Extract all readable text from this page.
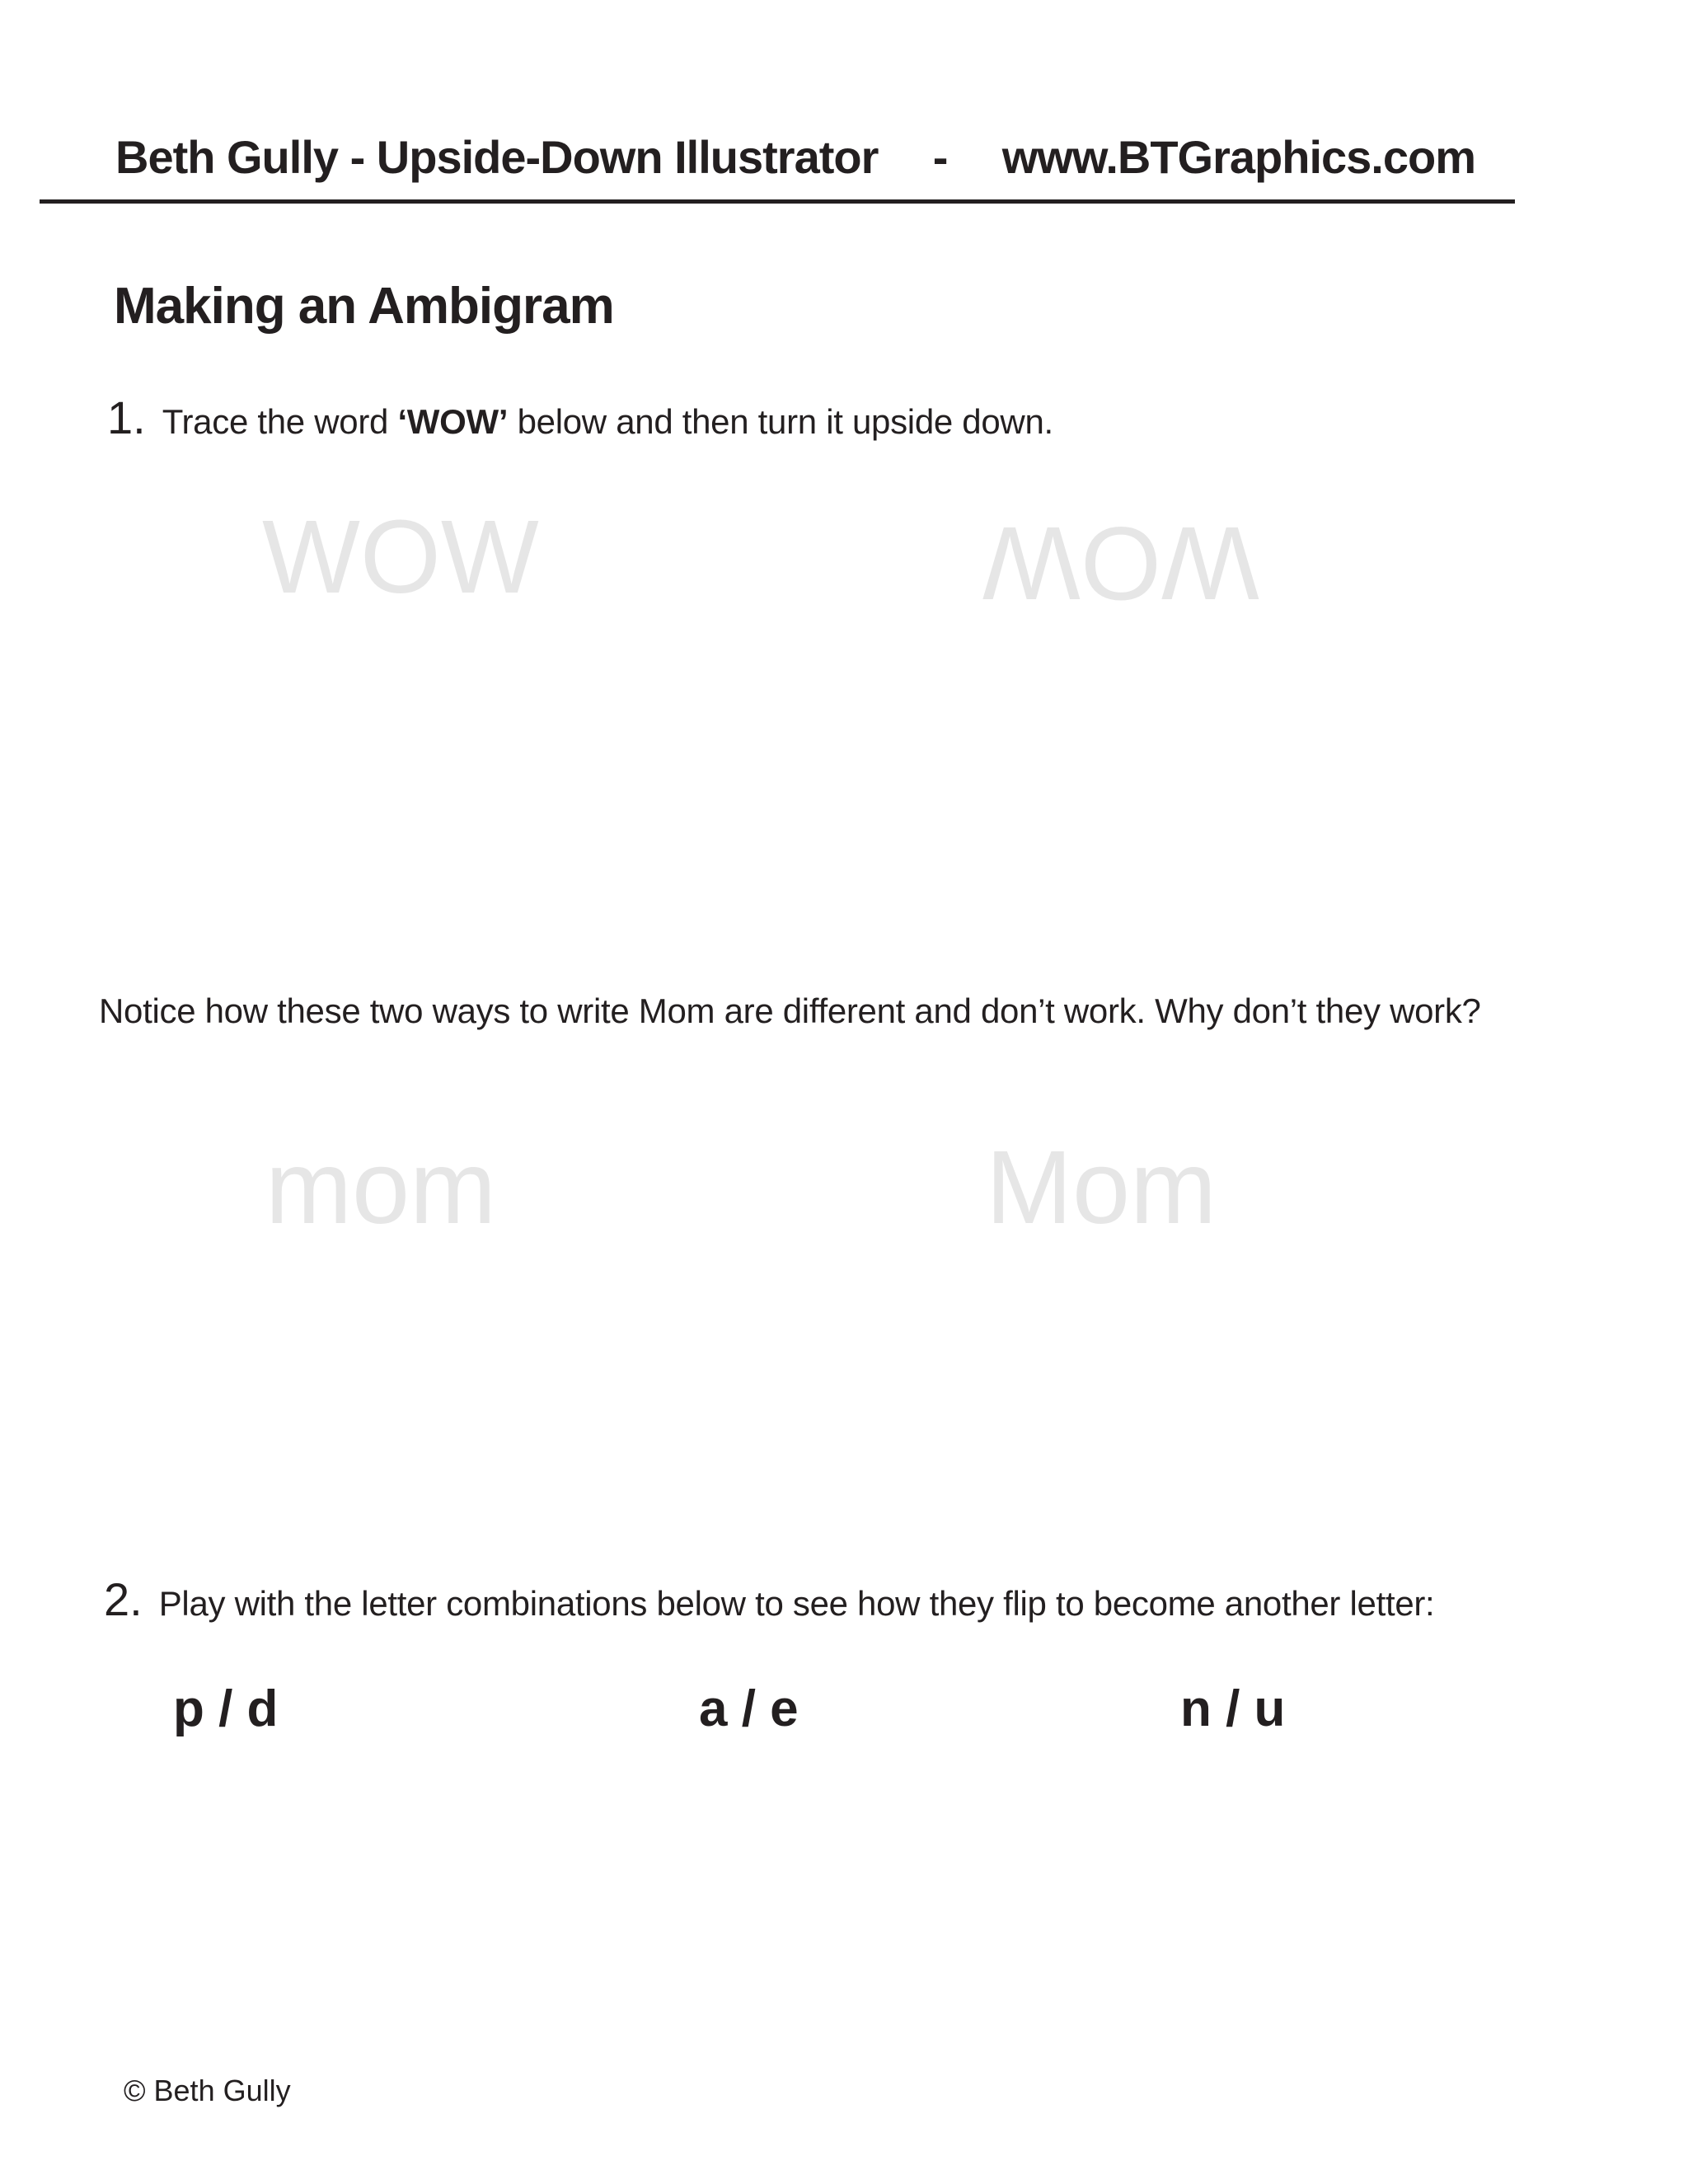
Beth Gully - Upside-Down Illustrator - www.BTGraphics.com
Making an Ambigram
1. Trace the word ‘WOW’ below and then turn it upside down.
WOW	WOW
Notice how these two ways to write Mom are different and don’t work. Why don’t they work?
mom	Mom
2. Play with the letter combinations below to see how they flip to become another letter:
p / d	a / e	n / u
© Beth Gully
